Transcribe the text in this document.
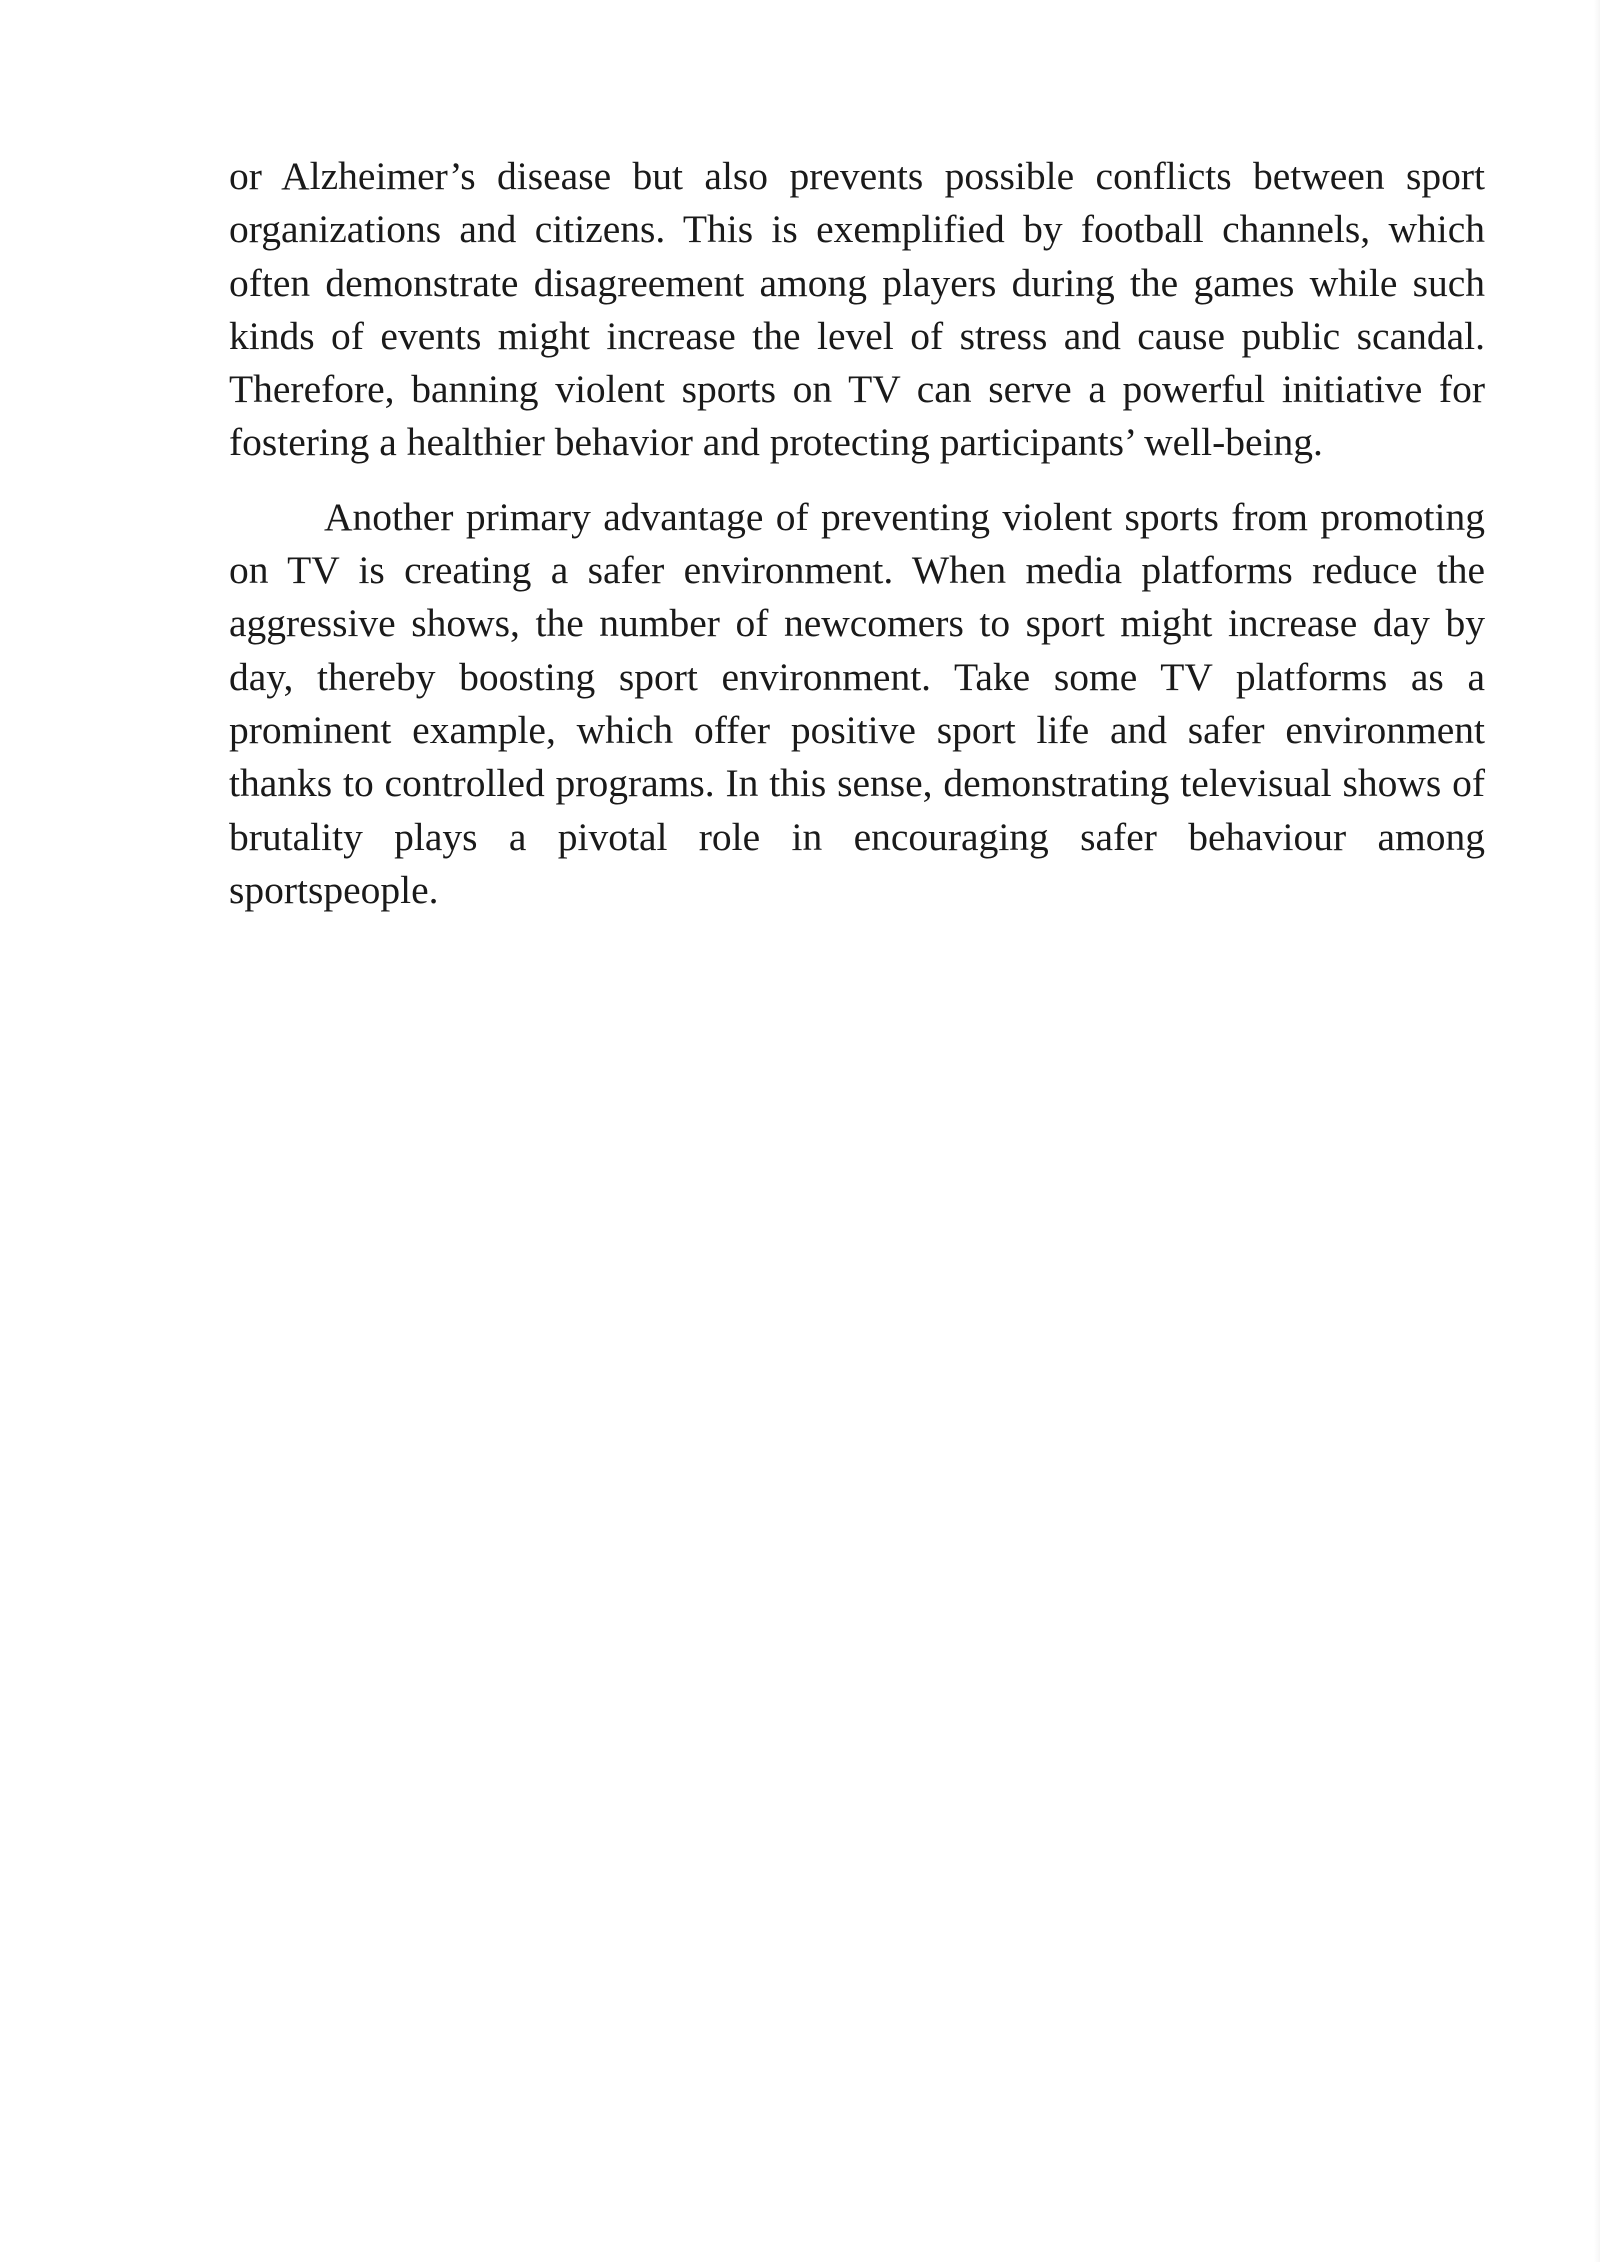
or Alzheimer’s disease but also prevents possible conflicts between sport organizations and citizens. This is exemplified by football channels, which often demonstrate disagreement among players during the games while such kinds of events might increase the level of stress and cause public scandal. Therefore, banning violent sports on TV can serve a powerful initiative for fostering a healthier behavior and protecting participants’ well-being.

Another primary advantage of preventing violent sports from promoting on TV is creating a safer environment. When media platforms reduce the aggressive shows, the number of newcomers to sport might increase day by day, thereby boosting sport environment. Take some TV platforms as a prominent example, which offer positive sport life and safer environment thanks to controlled programs. In this sense, demonstrating televisual shows of brutality plays a pivotal role in encouraging safer behaviour among sportspeople.
